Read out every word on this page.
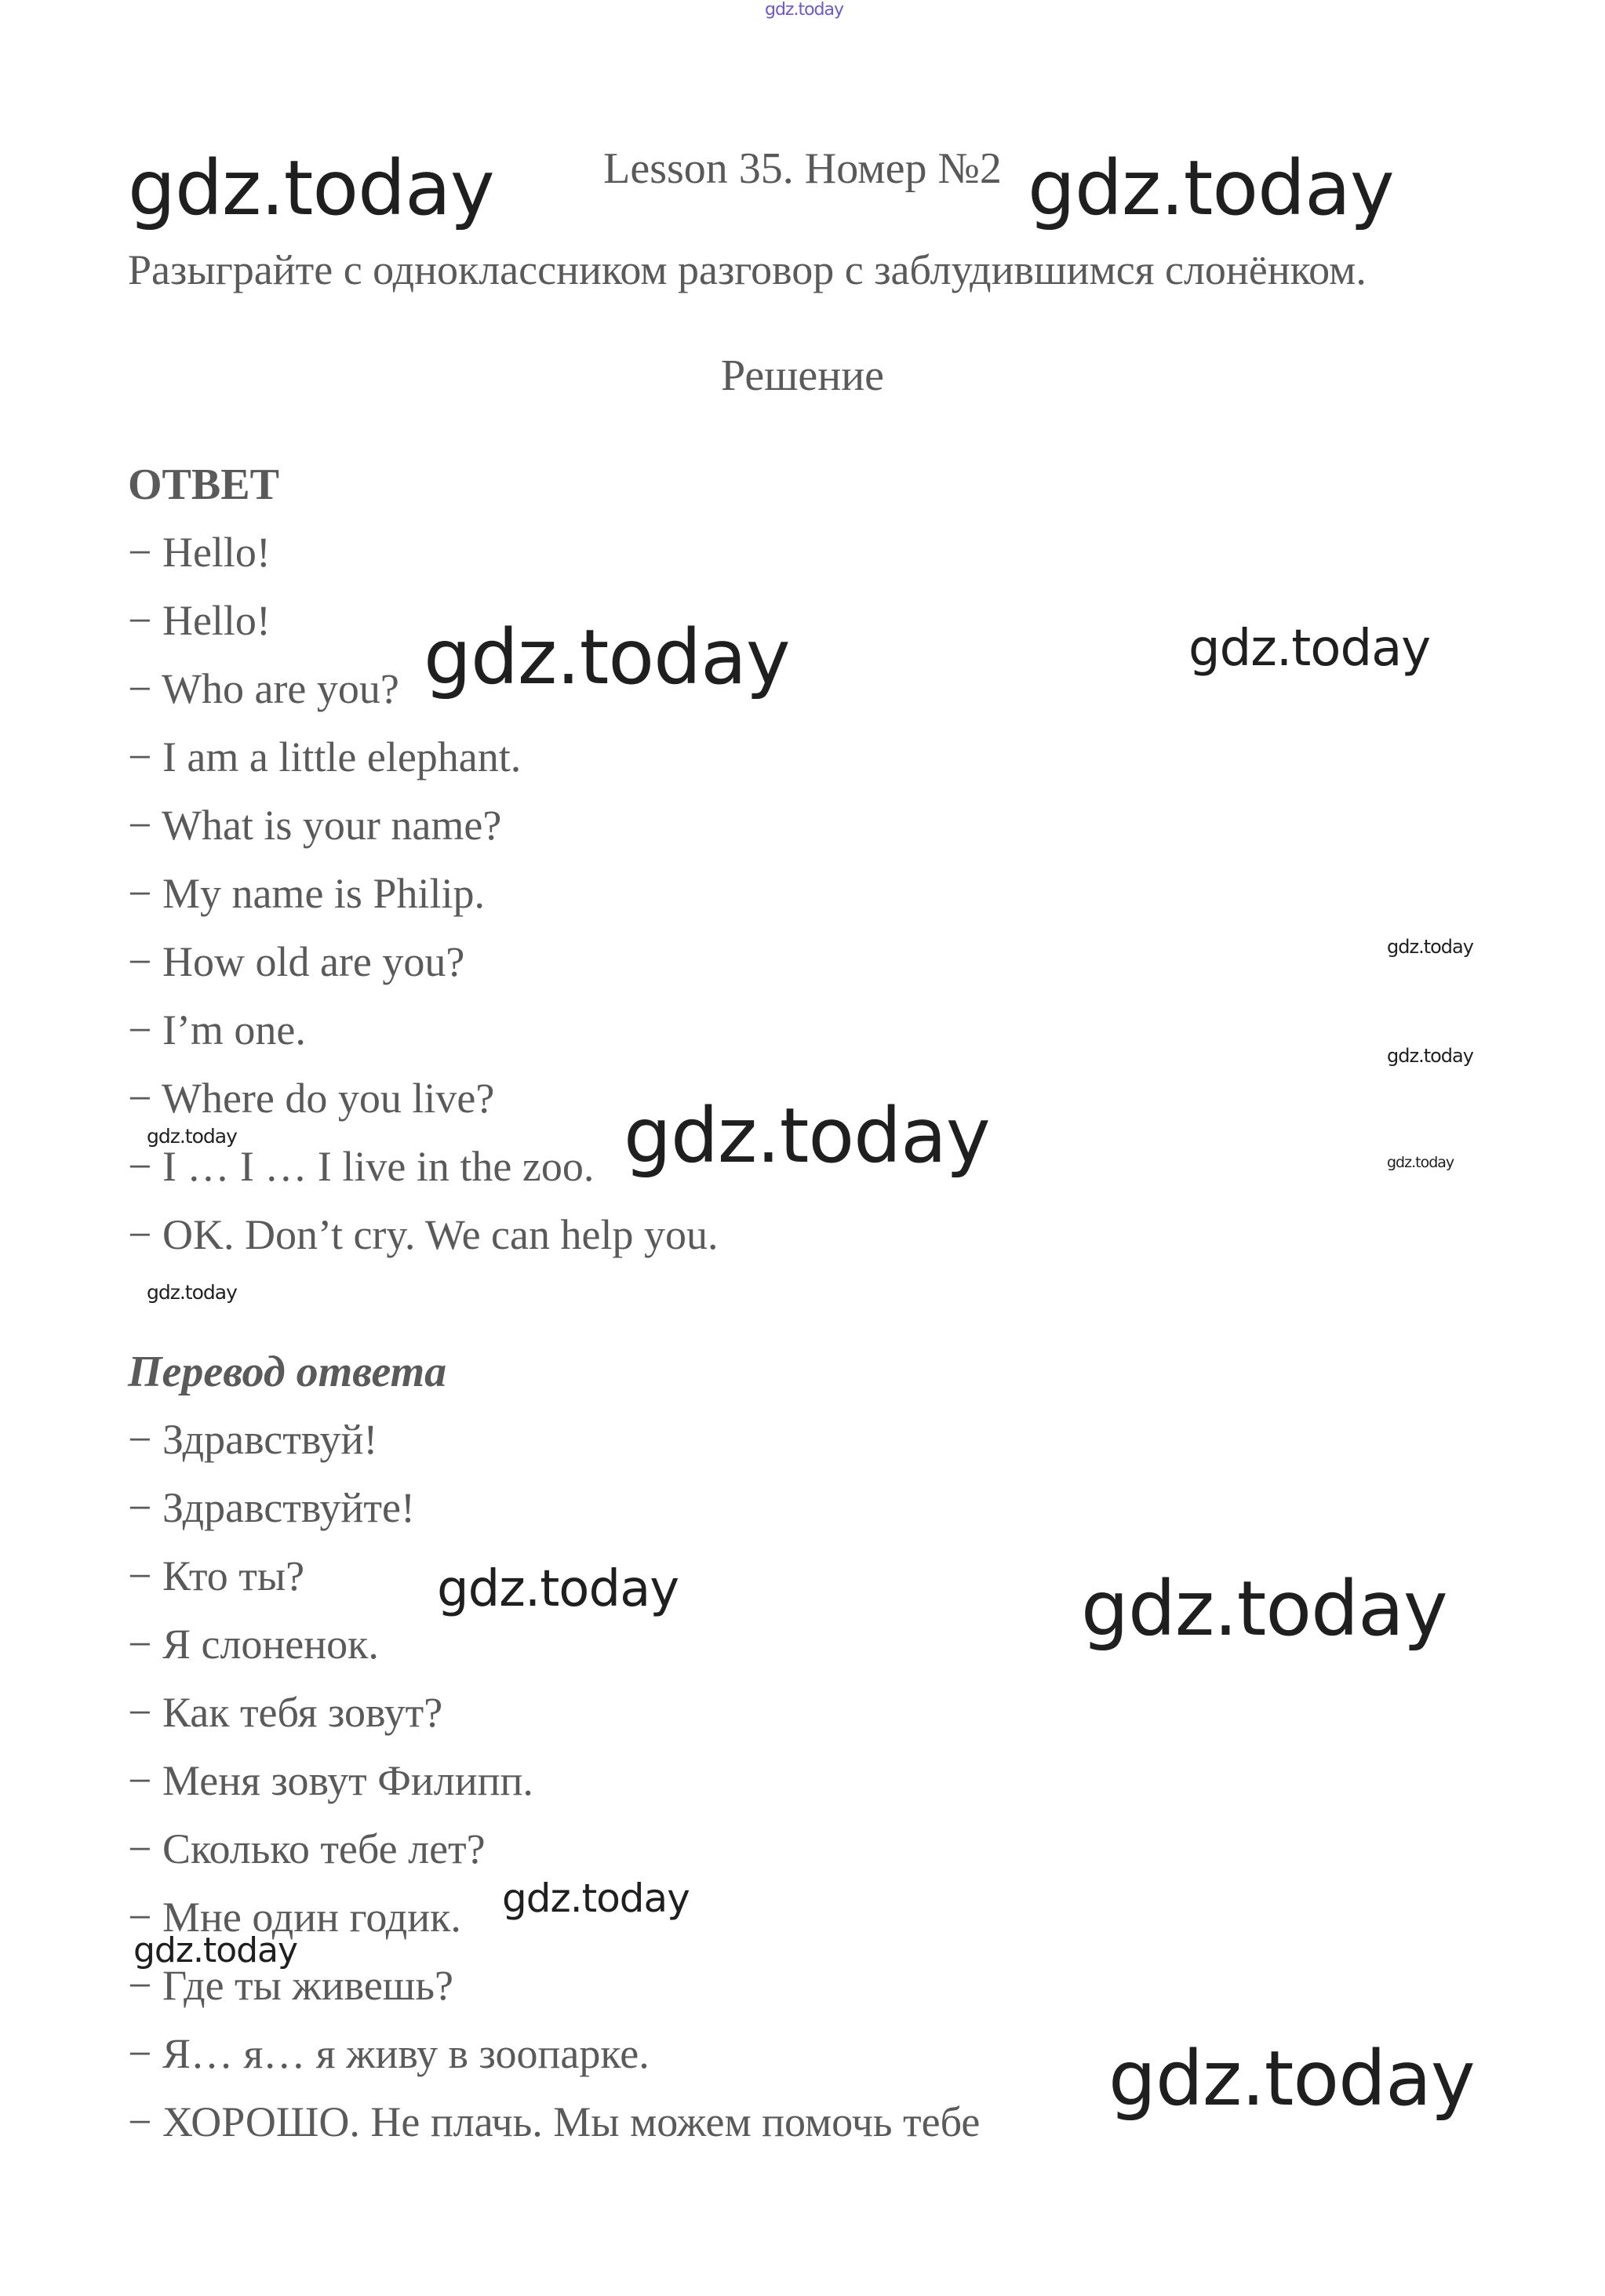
Lesson 35. Номер №2
Разыграйте с одноклассником разговор с заблудившимся слонёнком.
Решение
ОТВЕТ
− Hello!
− Hello!
− Who are you?
− I am a little elephant.
− What is your name?
− My name is Philip.
− How old are you?
− I’m one.
− Where do you live?
− I … I … I live in the zoo.
− OK. Don’t cry. We can help you.
Перевод ответа
− Здравствуй!
− Здравствуйте!
− Кто ты?
− Я слоненок.
− Как тебя зовут?
− Меня зовут Филипп.
− Сколько тебе лет?
− Мне один годик.
− Где ты живешь?
− Я… я… я живу в зоопарке.
− ХОРОШО. Не плачь. Мы можем помочь тебе
gdz.today
gdz.today	gdz.today
gdz.today	gdz.today
gdz.today
gdz.today
gdz.today
gdz.today	gdz.today
gdz.today
gdz.today	gdz.today
gdz.today
gdz.today
gdz.today
